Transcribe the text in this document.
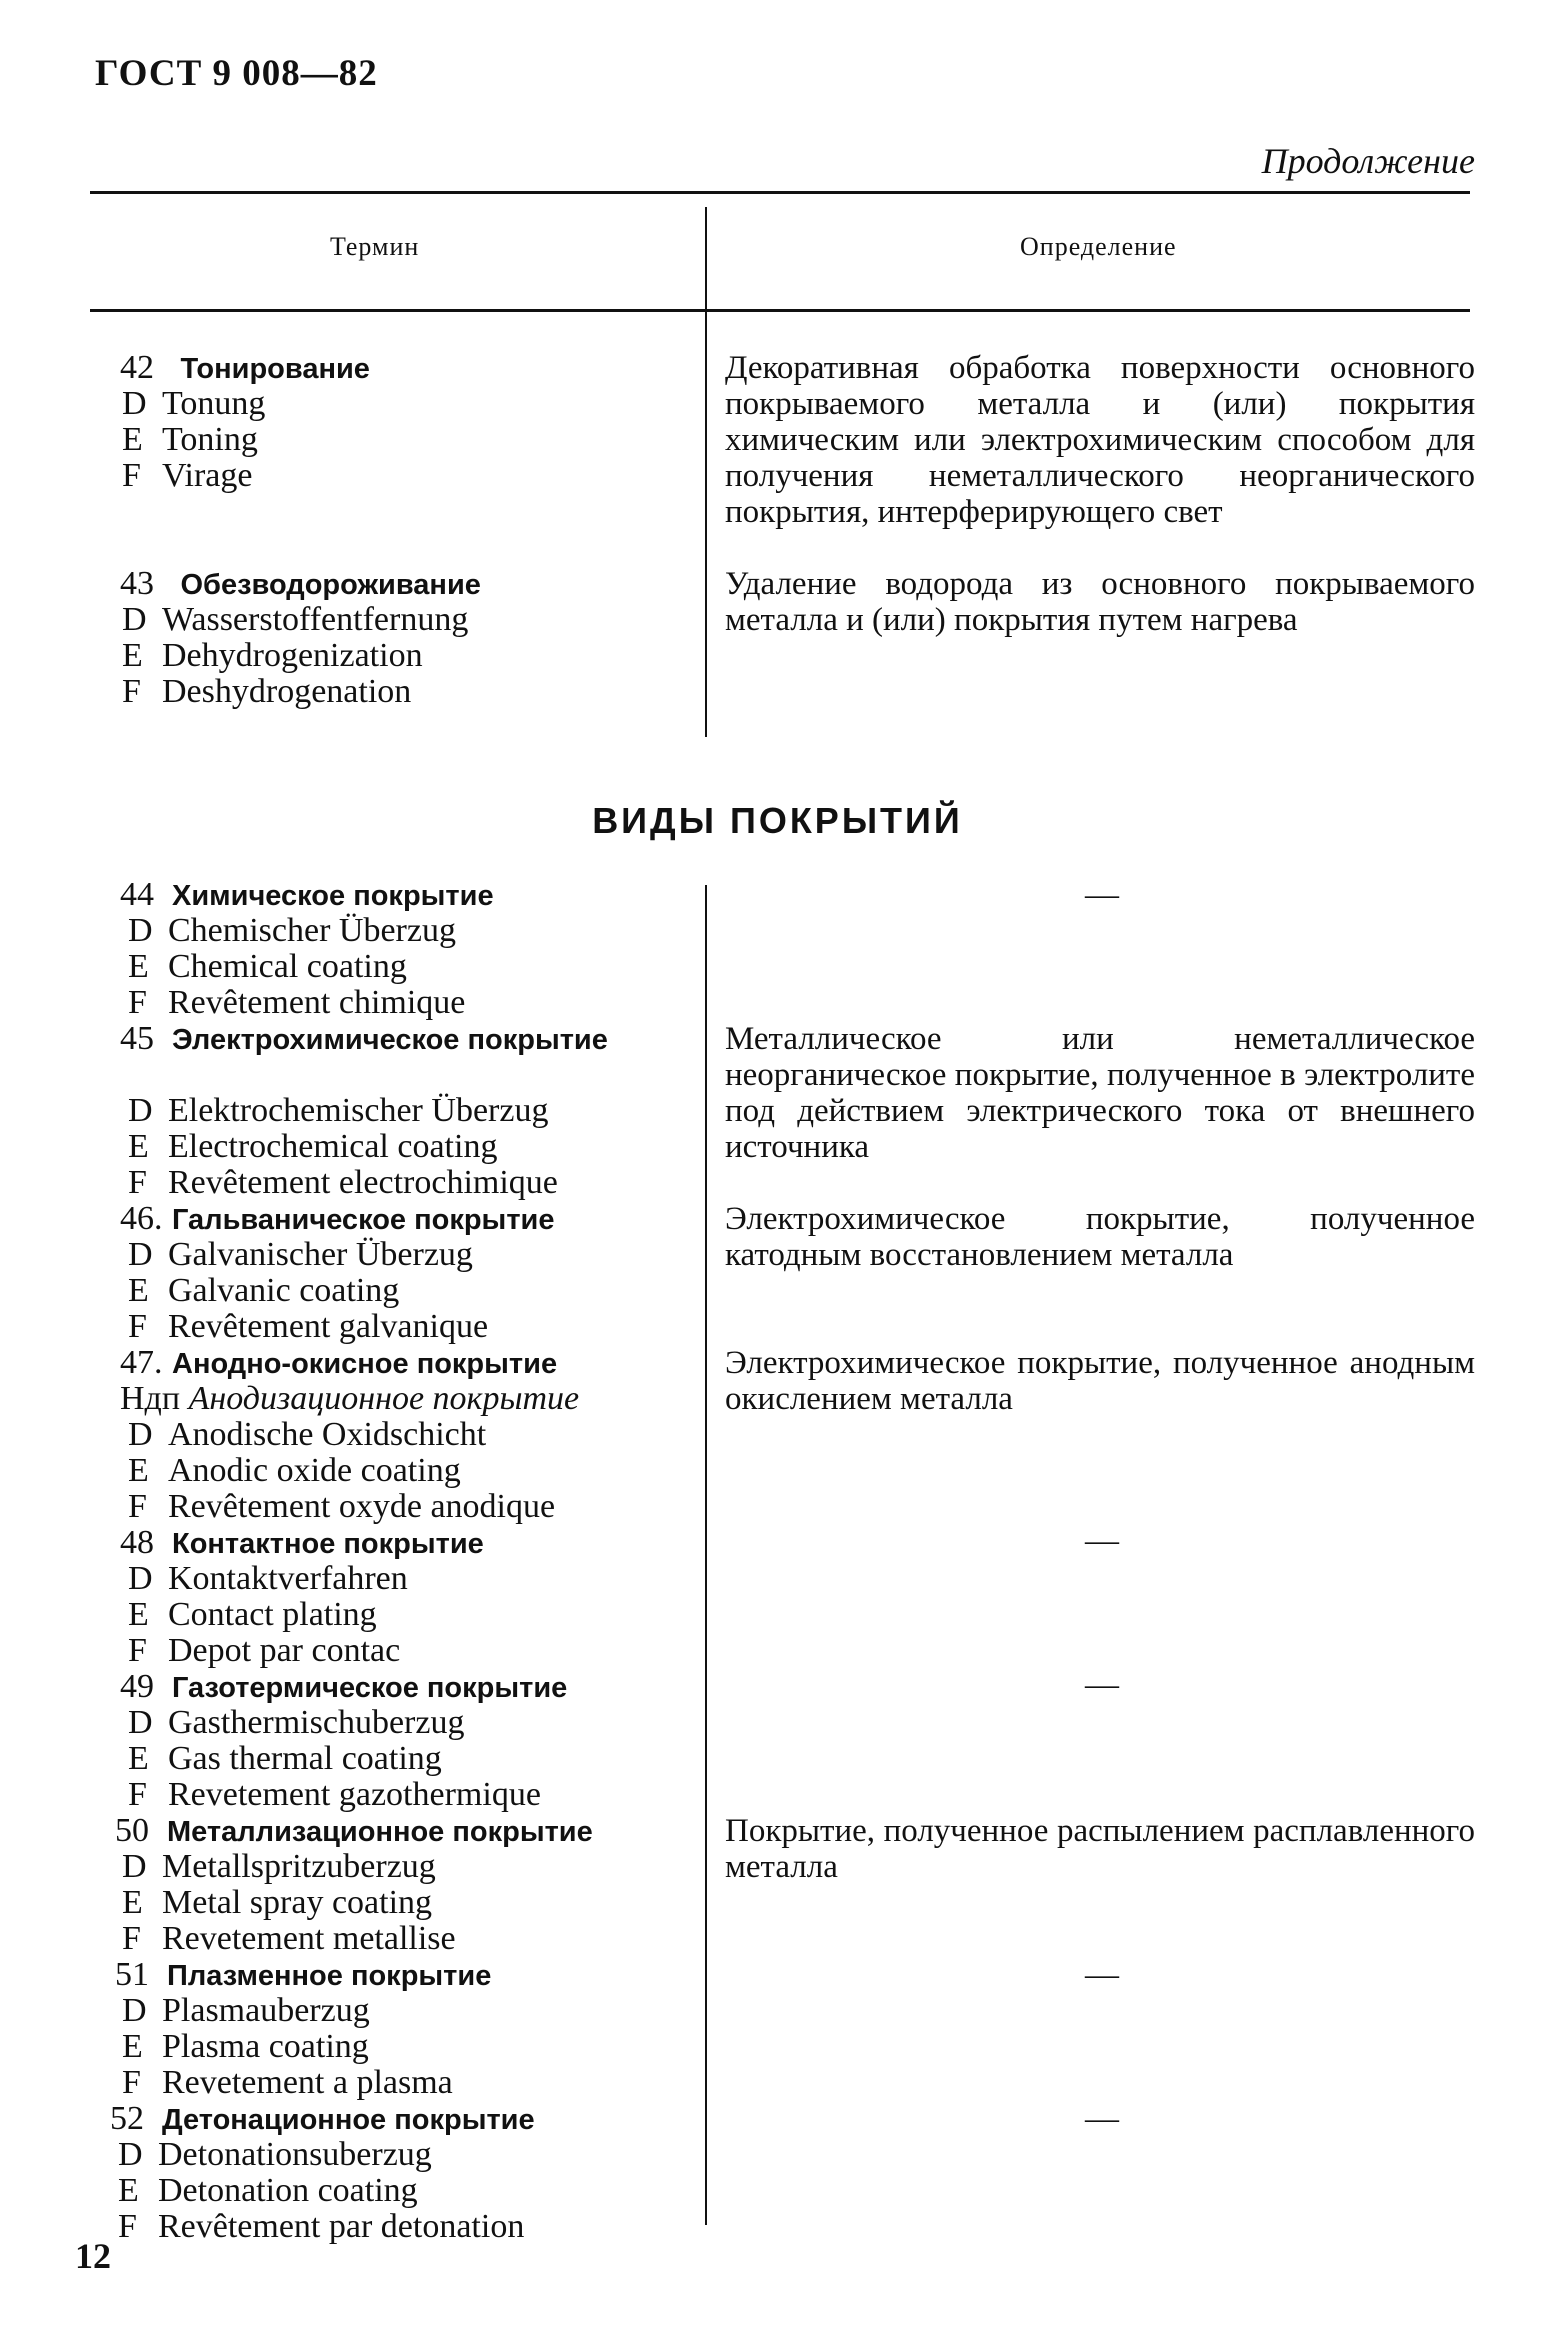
ГОСТ 9 008—82
Продолжение
Термин	Определение
42 Тонирование
D Tonung
E Toning
F Virage
43 Обезводороживание
D Wasserstoffentfernung
E Dehydrogenization
F Deshydrogenation
Декоративная обработка поверхности основного покрываемого металла и (или) покрытия химическим или электрохимическим способом для получения неметаллического неорганического покрытия, интерферирующего свет
Удаление водорода из основного покрываемого металла и (или) покрытия путем нагрева
ВИДЫ ПОКРЫТИЙ
44 Химическое покрытие
D Chemischer Überzug
E Chemical coating
F Revêtement chimique
45 Электрохимическое покрытие
D Elektrochemischer Überzug
E Electrochemical coating
F Revêtement electrochimique
46. Гальваническое покрытие
D Galvanischer Überzug
E Galvanic coating
F Revêtement galvanique
47. Анодно-окисное покрытие
Ндп Анодизационное покрытие
D Anodische Oxidschicht
E Anodic oxide coating
F Revêtement oxyde anodique
48 Контактное покрытие
D Kontaktverfahren
E Contact plating
F Depot par contac
49 Газотермическое покрытие
D Gasthermischuberzug
E Gas thermal coating
F Revetement gazothermique
50 Металлизационное покрытие
D Metallspritzuberzug
E Metal spray coating
F Revetement metallise
51 Плазменное покрытие
D Plasmauberzug
E Plasma coating
F Revetement a plasma
52 Детонационное покрытие
D Detonationsuberzug
E Detonation coating
F Revêtement par detonation
—
Металлическое или неметаллическое неорганическое покрытие, полученное в электролите под действием электрического тока от внешнего источника
Электрохимическое покрытие, полученное катодным восстановлением металла
Электрохимическое покрытие, полученное анодным окислением металла
—
—
Покрытие, полученное распылением расплавленного металла
—
—
12
